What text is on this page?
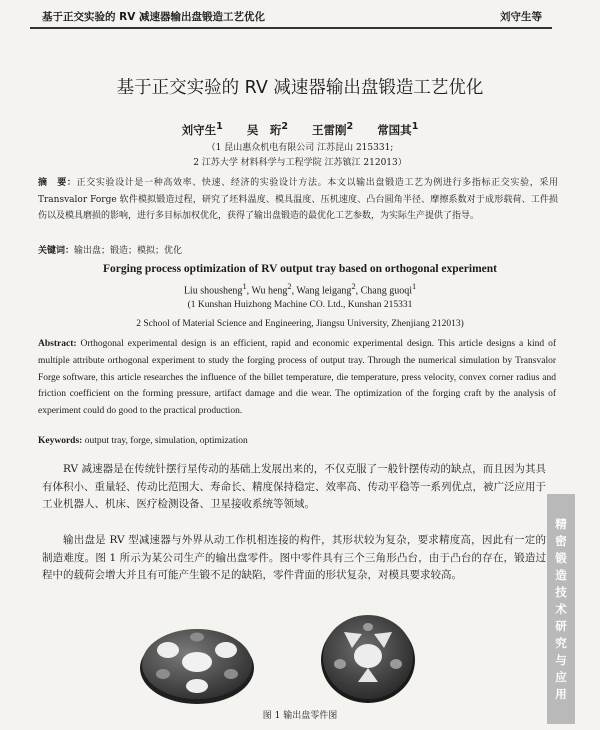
基于正交实验的 RV 减速器输出盘锻造工艺优化	刘守生等
基于正交实验的 RV 减速器输出盘锻造工艺优化
刘守生$^1$ 吴　珩$^2$ 王雷刚$^2$ 常国其$^1$
（1 昆山惠众机电有限公司 江苏昆山 215331;
2 江苏大学 材料科学与工程学院 江苏镇江 212013）
摘　要：正交实验设计是一种高效率、快速、经济的实验设计方法。本文以输出盘锻造工艺为例进行多指标正交实验，采用 Transvalor Forge 软件模拟锻造过程，研究了坯料温度、模具温度、压机速度、凸台圆角半径、摩擦系数对于成形载荷、工件损伤以及模具磨损的影响，进行多目标加权优化，获得了输出盘锻造的最优化工艺参数，为实际生产提供了指导。
关键词：输出盘；锻造；模拟；优化
Forging process optimization of RV output tray based on orthogonal experiment
Liu shousheng$^1$, Wu heng$^2$, Wang leigang$^2$, Chang guoqi$^1$
(1 Kunshan Huizhong Machine CO. Ltd., Kunshan 215331
2 School of Material Science and Engineering, Jiangsu University, Zhenjiang 212013)
Abstract: Orthogonal experimental design is an efficient, rapid and economic experimental design. This article designs a kind of multiple attribute orthogonal experiment to study the forging process of output tray. Through the numerical simulation by Transvalor Forge software, this article researches the influence of the billet temperature, die temperature, press velocity, convex corner radius and friction coefficient on the forming pressure, artifact damage and die wear. The optimization of the forging craft by the analysis of experiment could do good to the practical production.
Keywords: output tray, forge, simulation, optimization
RV 减速器是在传统针摆行星传动的基础上发展出来的，不仅克服了一般针摆传动的缺点，而且因为其具有体积小、重量轻、传动比范围大、寿命长、精度保持稳定、效率高、传动平稳等一系列优点，被广泛应用于工业机器人、机床、医疗检测设备、卫星接收系统等领域。
输出盘是 RV 型减速器与外界从动工作机相连接的构件，其形状较为复杂，要求精度高，因此有一定的制造难度。图 1 所示为某公司生产的输出盘零件。图中零件具有三个三角形凸台，由于凸台的存在，锻造过程中的载荷会增大并且有可能产生锻不足的缺陷，零件背面的形状复杂，对模具要求较高。
精
密
锻
造
技
术
研
究
与
应
用
图 1 输出盘零件图
